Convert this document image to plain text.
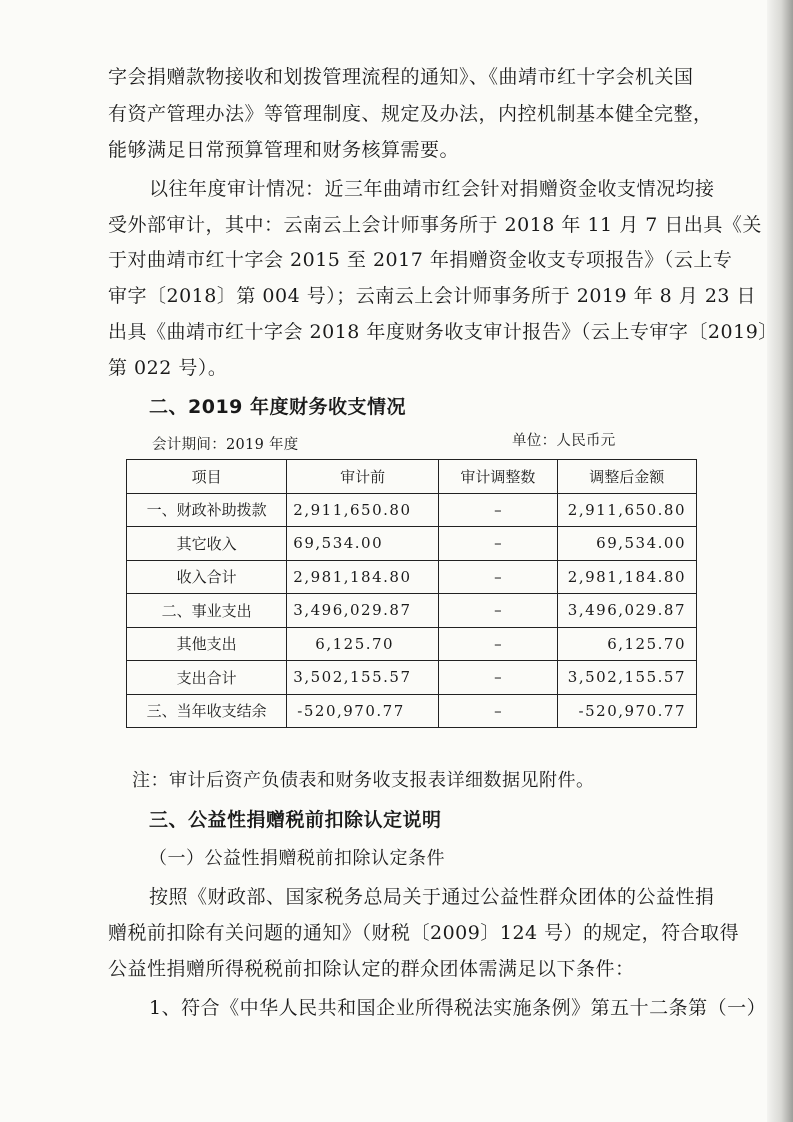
字会捐赠款物接收和划拨管理流程的通知》、《曲靖市红十字会机关国
有资产管理办法》等管理制度、规定及办法，内控机制基本健全完整，
能够满足日常预算管理和财务核算需要。
以往年度审计情况：近三年曲靖市红会针对捐赠资金收支情况均接
受外部审计，其中：云南云上会计师事务所于 2018 年 11 月 7 日出具《关
于对曲靖市红十字会 2015 至 2017 年捐赠资金收支专项报告》（云上专
审字〔2018〕第 004 号）；云南云上会计师事务所于 2019 年 8 月 23 日
出具《曲靖市红十字会 2018 年度财务收支审计报告》（云上专审字〔2019〕
第 022 号）。
二、2019 年度财务收支情况
会计期间：2019 年度	单位：人民币元
项目	审计前	审计调整数	调整后金额
一、财政补助拨款	2,911,650.80	–	2,911,650.80
其它收入	69,534.00	–	69,534.00
收入合计	2,981,184.80	–	2,981,184.80
二、事业支出	3,496,029.87	–	3,496,029.87
其他支出	6,125.70	–	6,125.70
支出合计	3,502,155.57	–	3,502,155.57
三、当年收支结余	-520,970.77	–	-520,970.77
注：审计后资产负债表和财务收支报表详细数据见附件。
三、公益性捐赠税前扣除认定说明
（一）公益性捐赠税前扣除认定条件
按照《财政部、国家税务总局关于通过公益性群众团体的公益性捐
赠税前扣除有关问题的通知》（财税〔2009〕124 号）的规定，符合取得
公益性捐赠所得税税前扣除认定的群众团体需满足以下条件：
1、符合《中华人民共和国企业所得税法实施条例》第五十二条第（一）
